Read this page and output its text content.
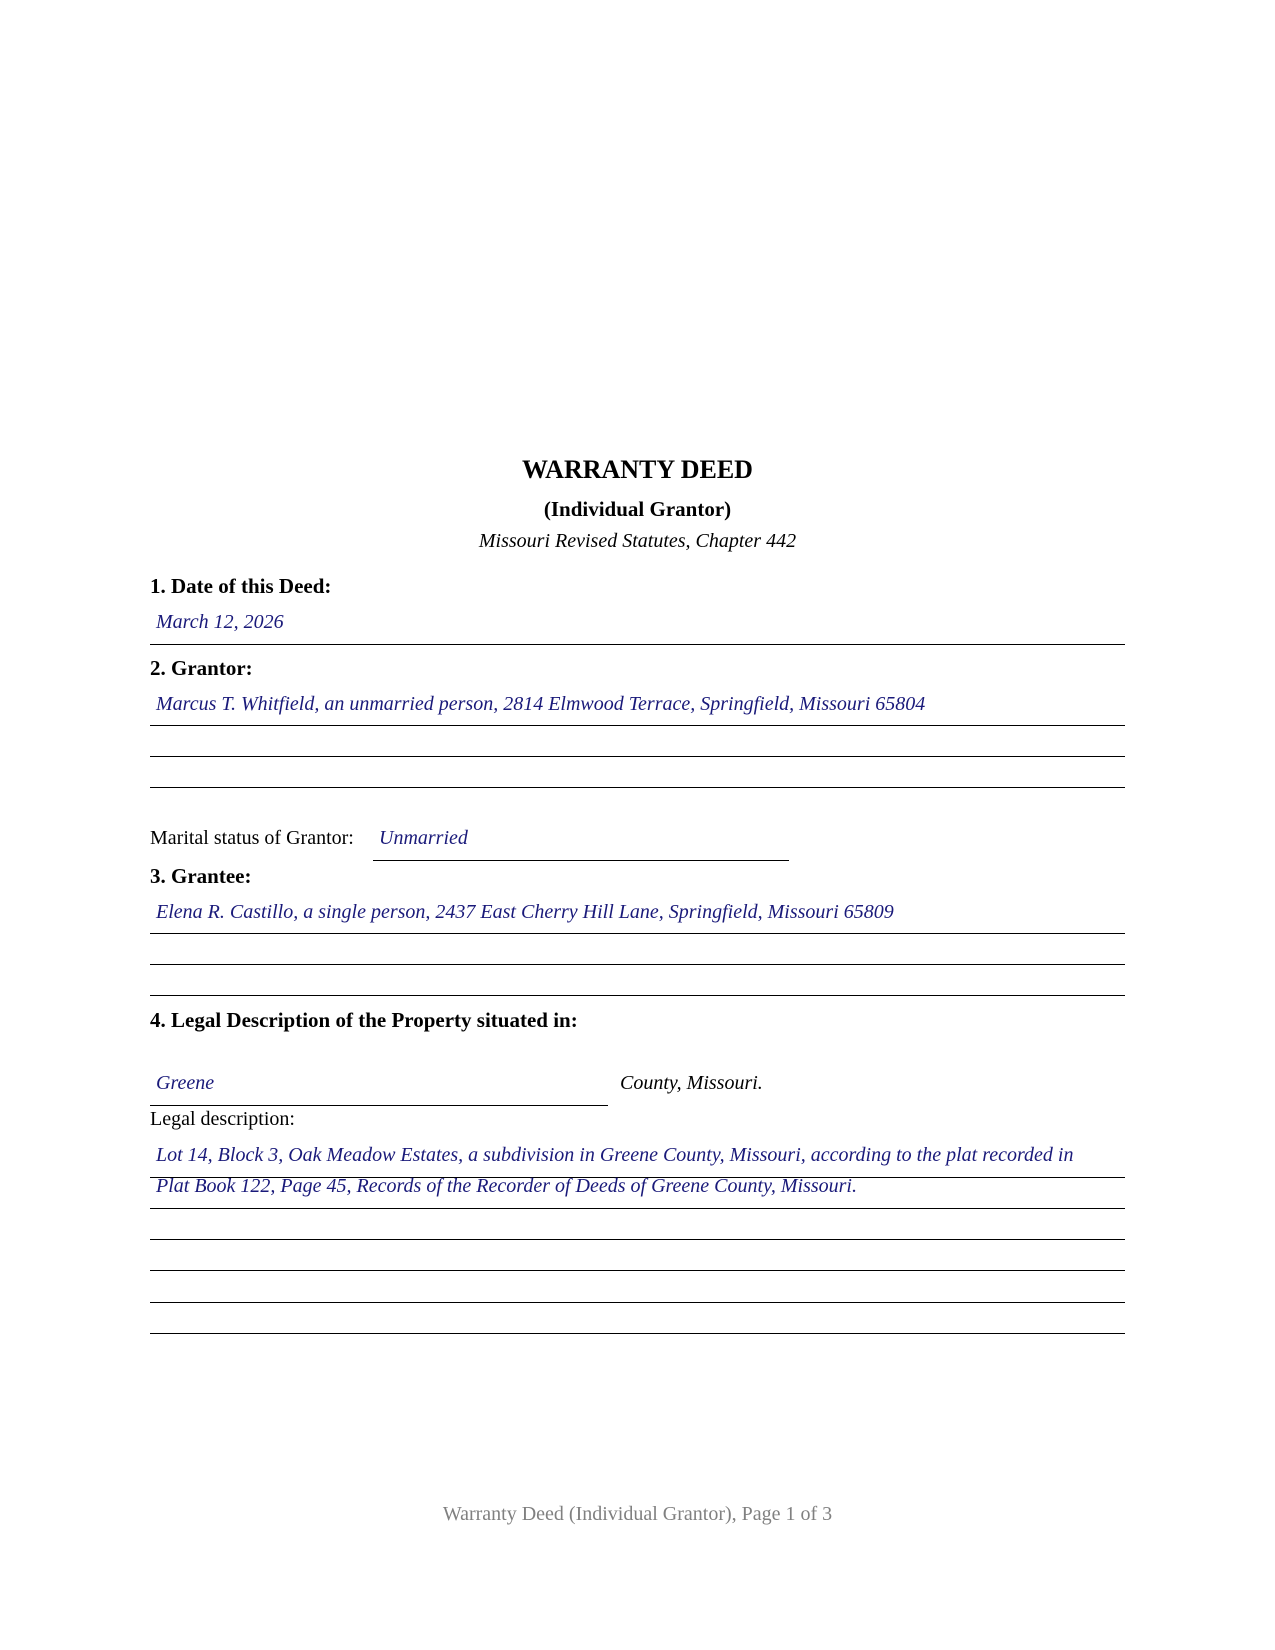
WARRANTY DEED
(Individual Grantor)
Missouri Revised Statutes, Chapter 442
1. Date of this Deed:
March 12, 2026
2. Grantor:
Marcus T. Whitfield, an unmarried person, 2814 Elmwood Terrace, Springfield, Missouri 65804
Marital status of Grantor: Unmarried
3. Grantee:
Elena R. Castillo, a single person, 2437 East Cherry Hill Lane, Springfield, Missouri 65809
4. Legal Description of the Property situated in:
Greene	County, Missouri.
Legal description:
Lot 14, Block 3, Oak Meadow Estates, a subdivision in Greene County, Missouri, according to the plat recorded in
Plat Book 122, Page 45, Records of the Recorder of Deeds of Greene County, Missouri.
Warranty Deed (Individual Grantor), Page 1 of 3
